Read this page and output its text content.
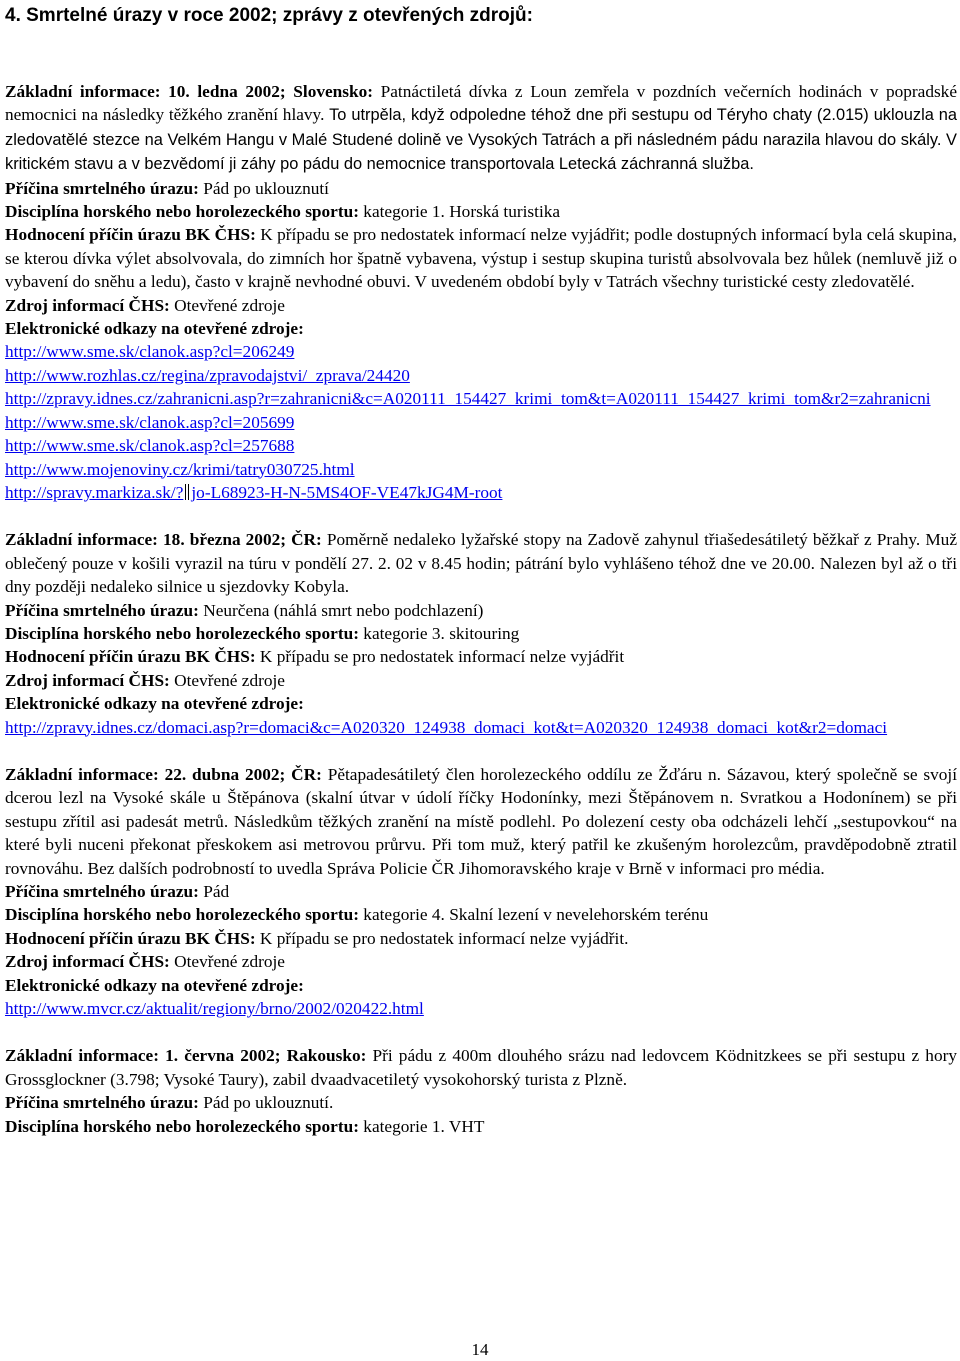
4. Smrtelné úrazy v roce 2002; zprávy z otevřených zdrojů:

Základní informace: 10. ledna 2002; Slovensko: Patnáctiletá dívka z Loun zemřela v pozdních večerních hodinách v popradské nemocnici na následky těžkého zranění hlavy. To utrpěla, když odpoledne téhož dne při sestupu od Téryho chaty (2.015) uklouzla na zledovatělé stezce na Velkém Hangu v Malé Studené dolině ve Vysokých Tatrách a při následném pádu narazila hlavou do skály. V kritickém stavu a v bezvědomí ji záhy po pádu do nemocnice transportovala Letecká záchranná služba.

Příčina smrtelného úrazu: Pád po uklouznutí

Disciplína horského nebo horolezeckého sportu: kategorie 1. Horská turistika

Hodnocení příčin úrazu BK ČHS: K případu se pro nedostatek informací nelze vyjádřit; podle dostupných informací byla celá skupina, se kterou dívka výlet absolvovala, do zimních hor špatně vybavena, výstup i sestup skupina turistů absolvovala bez hůlek (nemluvě již o vybavení do sněhu a ledu), často v krajně nevhodné obuvi. V uvedeném období byly v Tatrách všechny turistické cesty zledovatělé.

Zdroj informací ČHS: Otevřené zdroje

Elektronické odkazy na otevřené zdroje:

http://www.sme.sk/clanok.asp?cl=206249

http://www.rozhlas.cz/regina/zpravodajstvi/_zprava/24420

http://zpravy.idnes.cz/zahranicni.asp?r=zahranicni&c=A020111_154427_krimi_tom&t=A020111_154427_krimi_tom&r2=zahranicni

http://www.sme.sk/clanok.asp?cl=205699

http://www.sme.sk/clanok.asp?cl=257688

http://www.mojenoviny.cz/krimi/tatry030725.html

http://spravy.markiza.sk/? jo-L68923-H-N-5MS4OF-VE47kJG4M-root

Základní informace: 18. března 2002; ČR: Poměrně nedaleko lyžařské stopy na Zadově zahynul třiašedesátiletý běžkař z Prahy. Muž oblečený pouze v košili vyrazil na túru v pondělí 27. 2. 02 v 8.45 hodin; pátrání bylo vyhlášeno téhož dne ve 20.00. Nalezen byl až o tři dny později nedaleko silnice u sjezdovky Kobyla.

Příčina smrtelného úrazu: Neurčena (náhlá smrt nebo podchlazení)

Disciplína horského nebo horolezeckého sportu: kategorie 3. skitouring

Hodnocení příčin úrazu BK ČHS: K případu se pro nedostatek informací nelze vyjádřit

Zdroj informací ČHS: Otevřené zdroje

Elektronické odkazy na otevřené zdroje:

http://zpravy.idnes.cz/domaci.asp?r=domaci&c=A020320_124938_domaci_kot&t=A020320_124938_domaci_kot&r2=domaci

Základní informace: 22. dubna 2002; ČR: Pětapadesátiletý člen horolezeckého oddílu ze Žďáru n. Sázavou, který společně se svojí dcerou lezl na Vysoké skále u Štěpánova (skalní útvar v údolí říčky Hodonínky, mezi Štěpánovem n. Svratkou a Hodonínem) se při sestupu zřítil asi padesát metrů. Následkům těžkých zranění na místě podlehl. Po dolezení cesty oba odcházeli lehčí „sestupovkou“ na které byli nuceni překonat přeskokem asi metrovou průrvu. Při tom muž, který patřil ke zkušeným horolezcům, pravděpodobně ztratil rovnováhu. Bez dalších podrobností to uvedla Správa Policie ČR Jihomoravského kraje v Brně v informaci pro média.

Příčina smrtelného úrazu: Pád

Disciplína horského nebo horolezeckého sportu: kategorie 4. Skalní lezení v nevelehorském terénu

Hodnocení příčin úrazu BK ČHS: K případu se pro nedostatek informací nelze vyjádřit.

Zdroj informací ČHS: Otevřené zdroje

Elektronické odkazy na otevřené zdroje:

http://www.mvcr.cz/aktualit/regiony/brno/2002/020422.html

Základní informace: 1. června 2002; Rakousko: Při pádu z 400m dlouhého srázu nad ledovcem Ködnitzkees se při sestupu z hory Grossglockner (3.798; Vysoké Taury), zabil dvaadvacetiletý vysokohorský turista z Plzně.

Příčina smrtelného úrazu: Pád po uklouznutí.

Disciplína horského nebo horolezeckého sportu: kategorie 1. VHT

14
